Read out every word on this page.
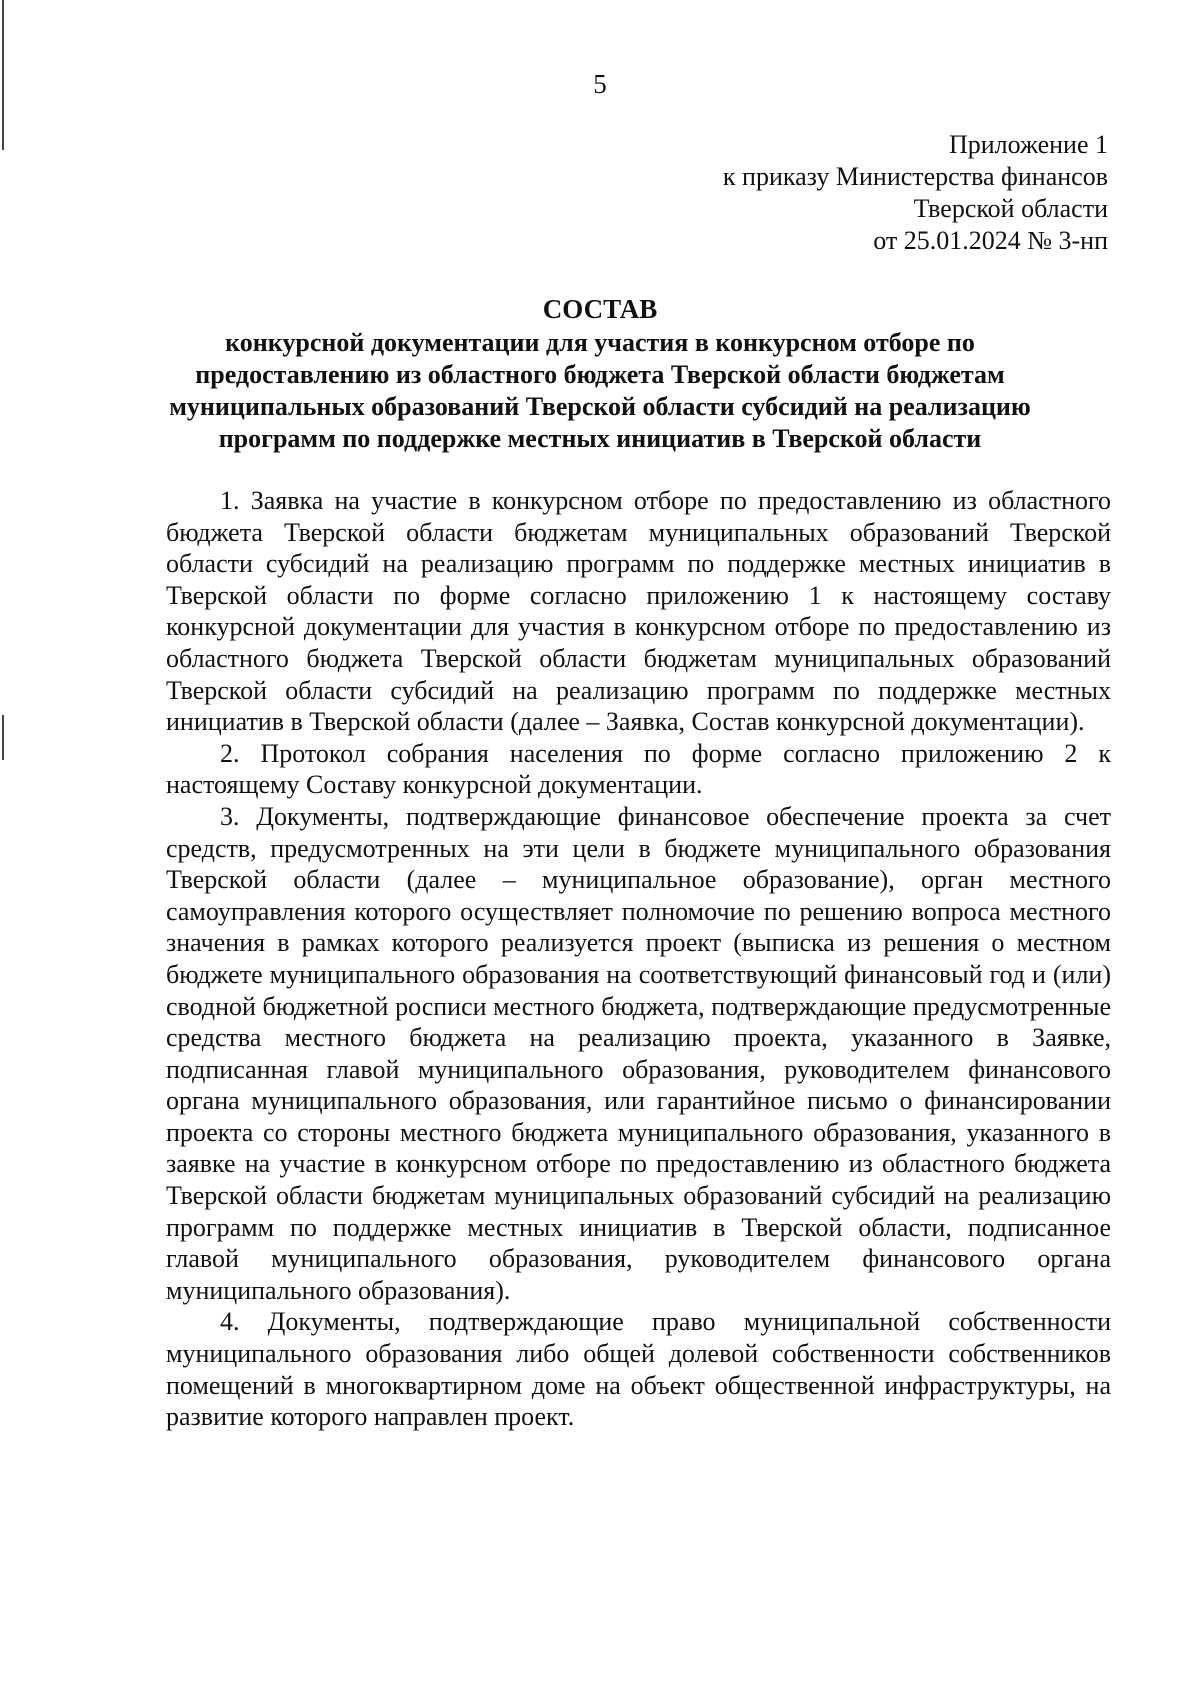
5
Приложение 1
к приказу Министерства финансов
Тверской области
от 25.01.2024 № 3-нп
СОСТАВ
конкурсной документации для участия в конкурсном отборе по
предоставлению из областного бюджета Тверской области бюджетам
муниципальных образований Тверской области субсидий на реализацию
программ по поддержке местных инициатив в Тверской области

1. Заявка на участие в конкурсном отборе по предоставлению из областного бюджета Тверской области бюджетам муниципальных образований Тверской области субсидий на реализацию программ по поддержке местных инициатив в Тверской области по форме согласно приложению 1 к настоящему составу конкурсной документации для участия в конкурсном отборе по предоставлению из областного бюджета Тверской области бюджетам муниципальных образований Тверской области субсидий на реализацию программ по поддержке местных инициатив в Тверской области (далее – Заявка, Состав конкурсной документации).

2. Протокол собрания населения по форме согласно приложению 2 к настоящему Составу конкурсной документации.

3. Документы, подтверждающие финансовое обеспечение проекта за счет средств, предусмотренных на эти цели в бюджете муниципального образования Тверской области (далее – муниципальное образование), орган местного самоуправления которого осуществляет полномочие по решению вопроса местного значения в рамках которого реализуется проект (выписка из решения о местном бюджете муниципального образования на соответствующий финансовый год и (или) сводной бюджетной росписи местного бюджета, подтверждающие предусмотренные средства местного бюджета на реализацию проекта, указанного в Заявке, подписанная главой муниципального образования, руководителем финансового органа муниципального образования, или гарантийное письмо о финансировании проекта со стороны местного бюджета муниципального образования, указанного в заявке на участие в конкурсном отборе по предоставлению из областного бюджета Тверской области бюджетам муниципальных образований субсидий на реализацию программ по поддержке местных инициатив в Тверской области, подписанное главой муниципального образования, руководителем финансового органа муниципального образования).

4. Документы, подтверждающие право муниципальной собственности муниципального образования либо общей долевой собственности собственников помещений в многоквартирном доме на объект общественной инфраструктуры, на развитие которого направлен проект.
